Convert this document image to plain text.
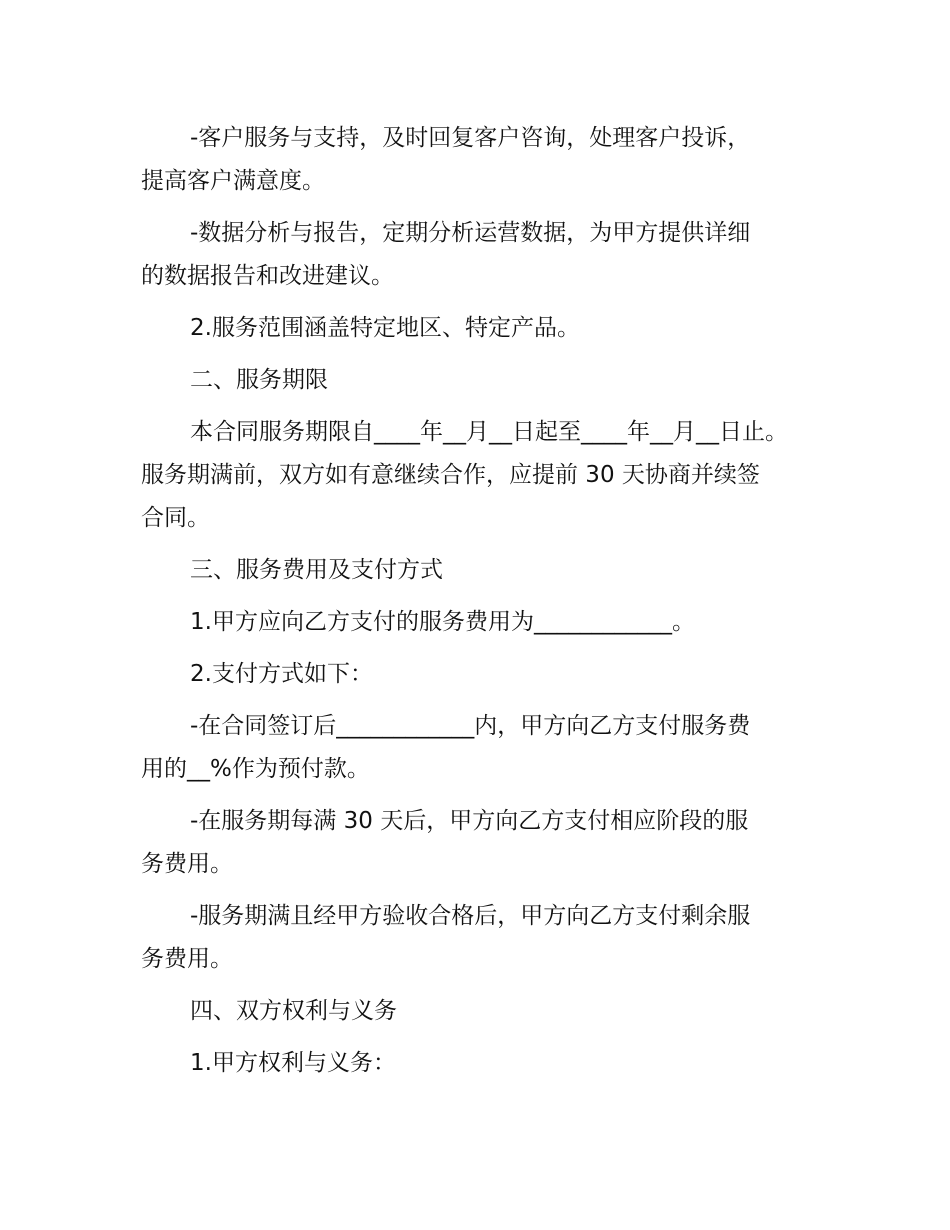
-客户服务与支持，及时回复客户咨询，处理客户投诉，
提高客户满意度。
-数据分析与报告，定期分析运营数据，为甲方提供详细
的数据报告和改进建议。
2.服务范围涵盖特定地区、特定产品。
二、服务期限
本合同服务期限自____年__月__日起至____年__月__日止。
服务期满前，双方如有意继续合作，应提前 30 天协商并续签
合同。
三、服务费用及支付方式
1.甲方应向乙方支付的服务费用为____________。
2.支付方式如下：
-在合同签订后____________内，甲方向乙方支付服务费
用的__%作为预付款。
-在服务期每满 30 天后，甲方向乙方支付相应阶段的服
务费用。
-服务期满且经甲方验收合格后，甲方向乙方支付剩余服
务费用。
四、双方权利与义务
1.甲方权利与义务：
